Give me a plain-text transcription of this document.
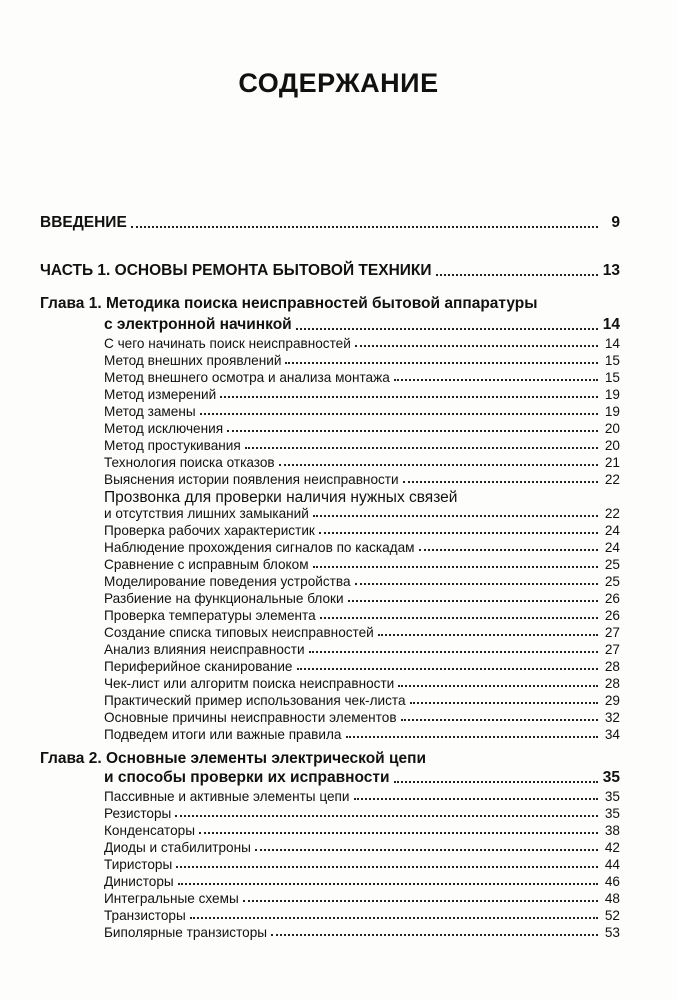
СОДЕРЖАНИЕ
ВВЕДЕНИЕ	9
ЧАСТЬ 1. ОСНОВЫ РЕМОНТА БЫТОВОЙ ТЕХНИКИ	13
Глава 1. Методика поиска неисправностей бытовой аппаратуры
с электронной начинкой	14
С чего начинать поиск неисправностей	14
Метод внешних проявлений	15
Метод внешнего осмотра и анализа монтажа	15
Метод измерений	19
Метод замены	19
Метод исключения	20
Метод простукивания	20
Технология поиска отказов	21
Выяснения истории появления неисправности	22
Прозвонка для проверки наличия нужных связей
и отсутствия лишних замыканий	22
Проверка рабочих характеристик	24
Наблюдение прохождения сигналов по каскадам	24
Сравнение с исправным блоком	25
Моделирование поведения устройства	25
Разбиение на функциональные блоки	26
Проверка температуры элемента	26
Создание списка типовых неисправностей	27
Анализ влияния неисправности	27
Периферийное сканирование	28
Чек-лист или алгоритм поиска неисправности	28
Практический пример использования чек-листа	29
Основные причины неисправности элементов	32
Подведем итоги или важные правила	34
Глава 2. Основные элементы электрической цепи
и способы проверки их исправности	35
Пассивные и активные элементы цепи	35
Резисторы	35
Конденсаторы	38
Диоды и стабилитроны	42
Тиристоры	44
Динисторы	46
Интегральные схемы	48
Транзисторы	52
Биполярные транзисторы	53
